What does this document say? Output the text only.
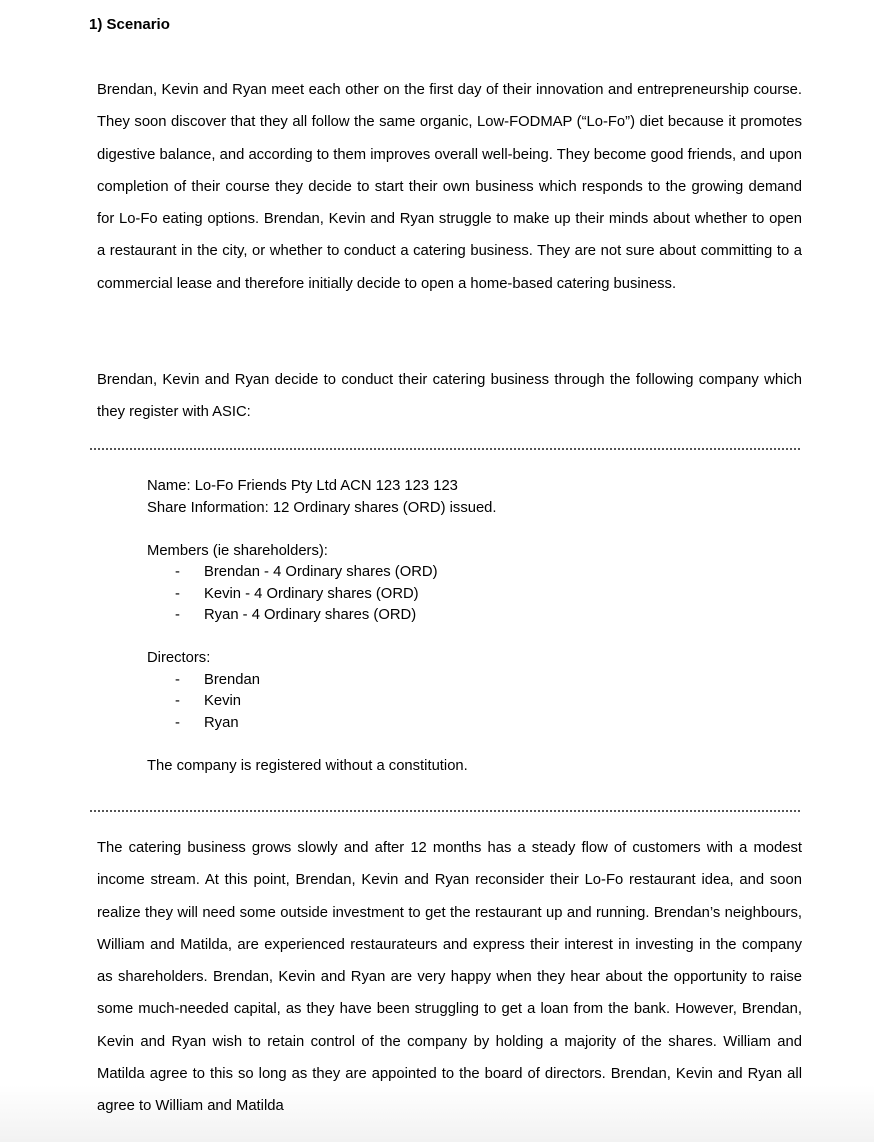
1) Scenario

Brendan, Kevin and Ryan meet each other on the first day of their innovation and entrepreneurship course. They soon discover that they all follow the same organic, Low-FODMAP (“Lo-Fo”) diet because it promotes digestive balance, and according to them improves overall well-being. They become good friends, and upon completion of their course they decide to start their own business which responds to the growing demand for Lo-Fo eating options. Brendan, Kevin and Ryan struggle to make up their minds about whether to open a restaurant in the city, or whether to conduct a catering business. They are not sure about committing to a commercial lease and therefore initially decide to open a home-based catering business.

Brendan, Kevin and Ryan decide to conduct their catering business through the following company which they register with ASIC:

Name: Lo-Fo Friends Pty Ltd ACN 123 123 123
Share Information: 12 Ordinary shares (ORD) issued.
Members (ie shareholders):
- Brendan - 4 Ordinary shares (ORD)
- Kevin - 4 Ordinary shares (ORD)
- Ryan - 4 Ordinary shares (ORD)
Directors:
- Brendan
- Kevin
- Ryan
The company is registered without a constitution.

The catering business grows slowly and after 12 months has a steady flow of customers with a modest income stream. At this point, Brendan, Kevin and Ryan reconsider their Lo-Fo restaurant idea, and soon realize they will need some outside investment to get the restaurant up and running. Brendan’s neighbours, William and Matilda, are experienced restaurateurs and express their interest in investing in the company as shareholders. Brendan, Kevin and Ryan are very happy when they hear about the opportunity to raise some much-needed capital, as they have been struggling to get a loan from the bank. However, Brendan, Kevin and Ryan wish to retain control of the company by holding a majority of the shares. William and Matilda agree to this so long as they are appointed to the board of directors. Brendan, Kevin and Ryan all agree to William and Matilda
